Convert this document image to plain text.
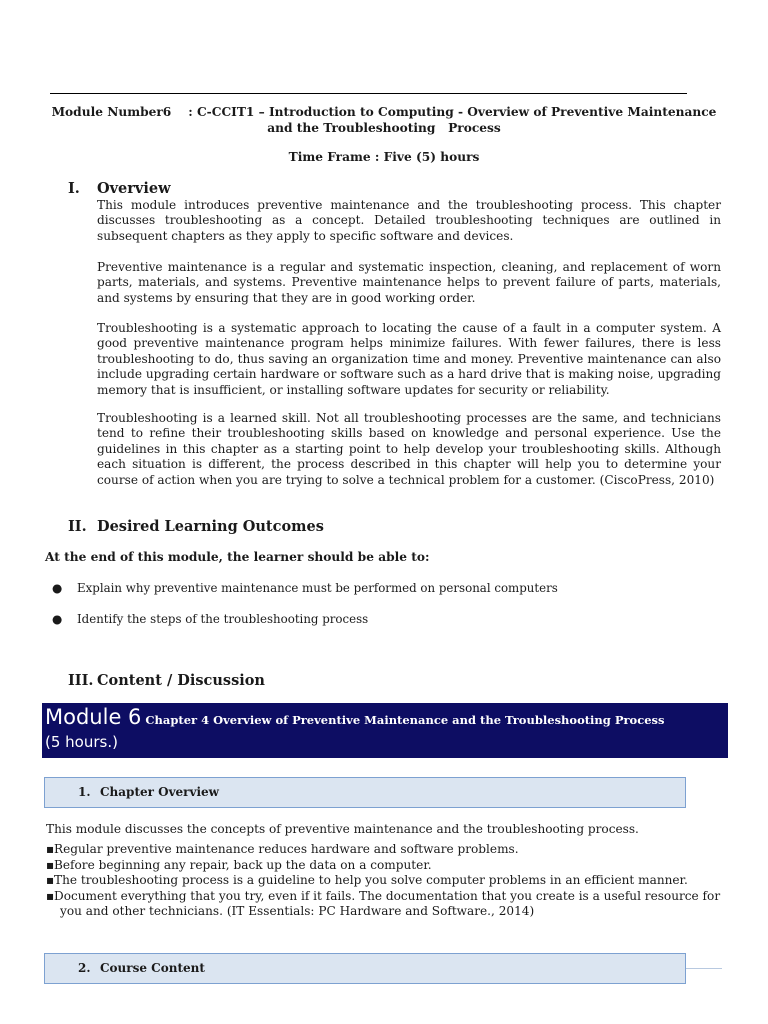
Module Number6    : C-CCIT1 – Introduction to Computing - Overview of Preventive Maintenance
and the Troubleshooting   Process
Time Frame : Five (5) hours
I. Overview

This module introduces preventive maintenance and the troubleshooting process. This chapter discusses troubleshooting as a concept. Detailed troubleshooting techniques are outlined in subsequent chapters as they apply to specific software and devices.

Preventive maintenance is a regular and systematic inspection, cleaning, and replacement of worn parts, materials, and systems. Preventive maintenance helps to prevent failure of parts, materials, and systems by ensuring that they are in good working order.

Troubleshooting is a systematic approach to locating the cause of a fault in a computer system. A good preventive maintenance program helps minimize failures. With fewer failures, there is less troubleshooting to do, thus saving an organization time and money. Preventive maintenance can also include upgrading certain hardware or software such as a hard drive that is making noise, upgrading memory that is insufficient, or installing software updates for security or reliability.

Troubleshooting is a learned skill. Not all troubleshooting processes are the same, and technicians tend to refine their troubleshooting skills based on knowledge and personal experience. Use the guidelines in this chapter as a starting point to help develop your troubleshooting skills. Although each situation is different, the process described in this chapter will help you to determine your course of action when you are trying to solve a technical problem for a customer. (CiscoPress, 2010)

II. Desired Learning Outcomes
At the end of this module, the learner should be able to:
● Explain why preventive maintenance must be performed on personal computers
● Identify the steps of the troubleshooting process
III. Content / Discussion
Module 6 Chapter 4 Overview of Preventive Maintenance and the Troubleshooting Process
(5 hours.)
1. Chapter Overview
This module discusses the concepts of preventive maintenance and the troubleshooting process.
▪Regular preventive maintenance reduces hardware and software problems.
▪Before beginning any repair, back up the data on a computer.
▪The troubleshooting process is a guideline to help you solve computer problems in an efficient manner.
▪Document everything that you try, even if it fails. The documentation that you create is a useful resource for you and other technicians. (IT Essentials: PC Hardware and Software., 2014)
2. Course Content
